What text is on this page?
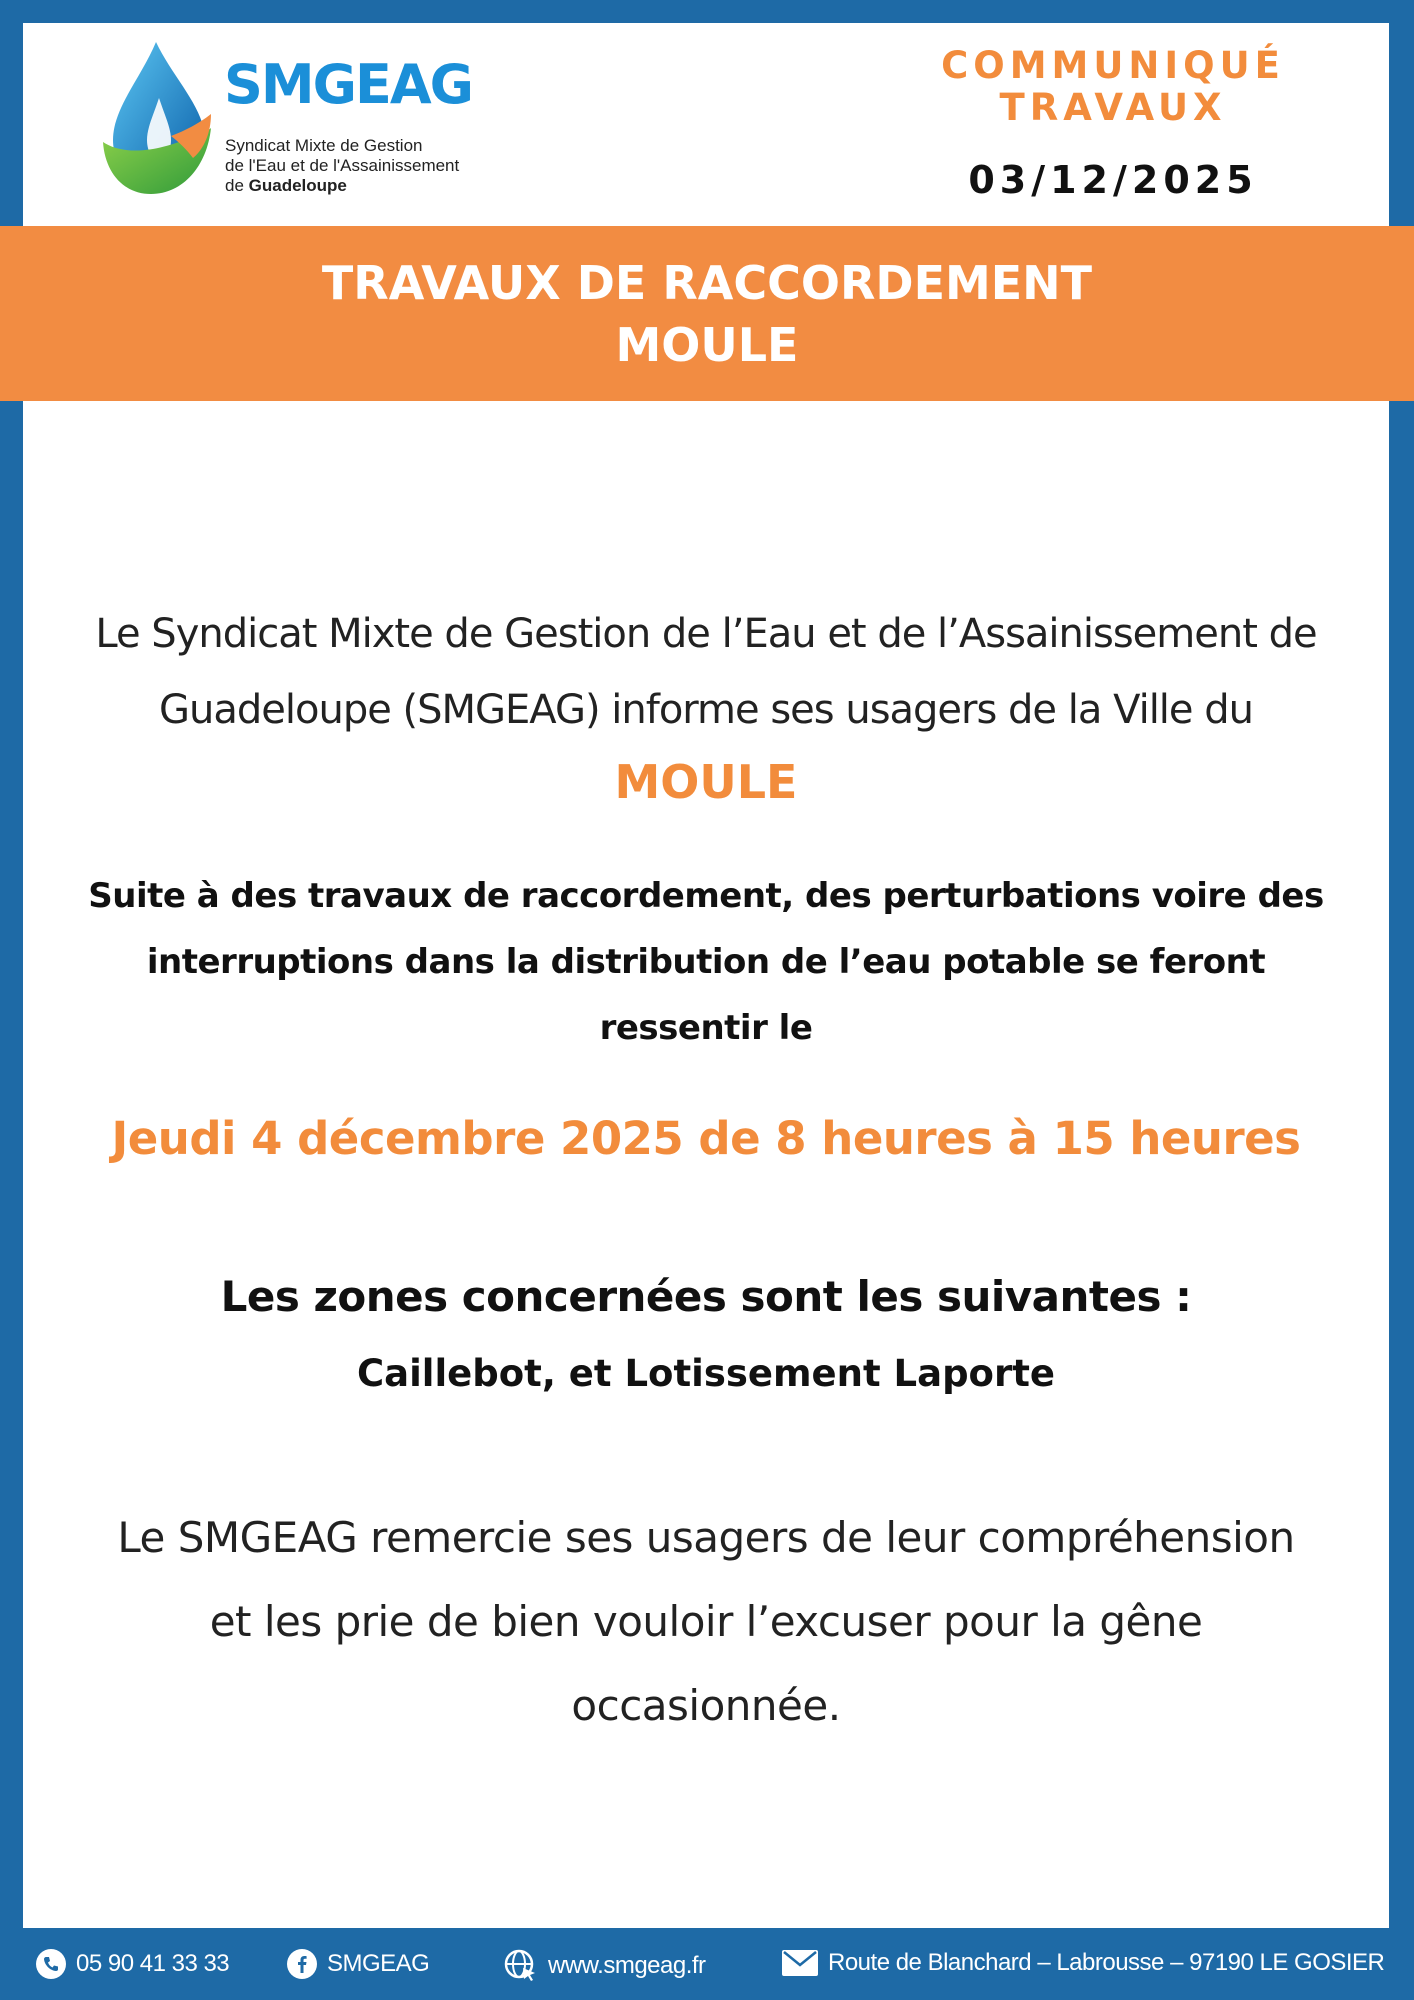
SMGEAG
Syndicat Mixte de Gestion
de l'Eau et de l'Assainissement
de Guadeloupe
COMMUNIQUÉ
TRAVAUX
03/12/2025
TRAVAUX DE RACCORDEMENT
MOULE
Le Syndicat Mixte de Gestion de l’Eau et de l’Assainissement de
Guadeloupe (SMGEAG) informe ses usagers de la Ville du
MOULE
Suite à des travaux de raccordement, des perturbations voire des
interruptions dans la distribution de l’eau potable se feront
ressentir le
Jeudi 4 décembre 2025 de 8 heures à 15 heures
Les zones concernées sont les suivantes :
Caillebot, et Lotissement Laporte
Le SMGEAG remercie ses usagers de leur compréhension
et les prie de bien vouloir l’excuser pour la gêne
occasionnée.
05 90 41 33 33	SMGEAG	www.smgeag.fr	Route de Blanchard – Labrousse – 97190 LE GOSIER
